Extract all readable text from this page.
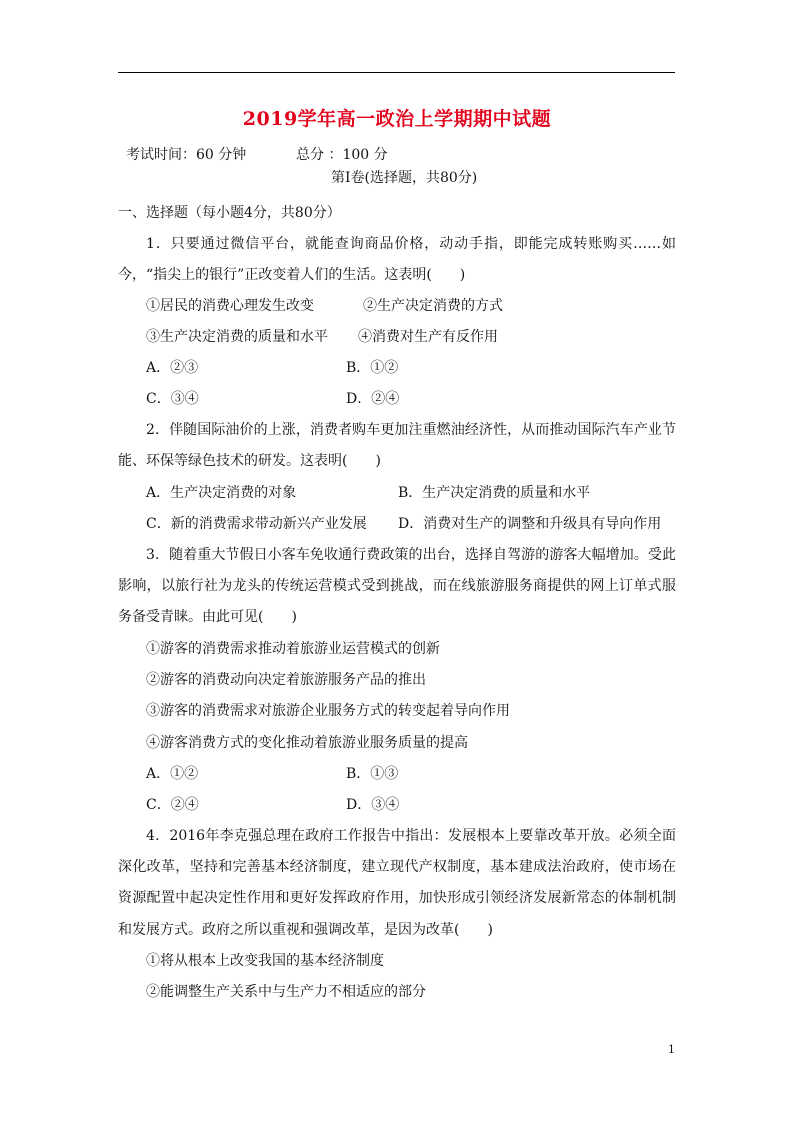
2019学年高一政治上学期期中试题
考试时间：60 分钟	总分 ：100 分
第Ⅰ卷(选择题，共80分)
一、选择题（每小题4分，共80分）
1．只要通过微信平台，就能查询商品价格，动动手指，即能完成转账购买……如今，“指尖上的银行”正改变着人们的生活。这表明(　　)
①居民的消费心理发生改变	②生产决定消费的方式
③生产决定消费的质量和水平 ④消费对生产有反作用
A．②③	B．①②
C．③④	D．②④
2．伴随国际油价的上涨，消费者购车更加注重燃油经济性，从而推动国际汽车产业节能、环保等绿色技术的研发。这表明(　　)
A．生产决定消费的对象	B．生产决定消费的质量和水平
C．新的消费需求带动新兴产业发展 D．消费对生产的调整和升级具有导向作用
3．随着重大节假日小客车免收通行费政策的出台，选择自驾游的游客大幅增加。受此影响，以旅行社为龙头的传统运营模式受到挑战，而在线旅游服务商提供的网上订单式服务备受青睐。由此可见(　　)
①游客的消费需求推动着旅游业运营模式的创新
②游客的消费动向决定着旅游服务产品的推出
③游客的消费需求对旅游企业服务方式的转变起着导向作用
④游客消费方式的变化推动着旅游业服务质量的提高
A．①②	B．①③
C．②④	D．③④
4．2016年李克强总理在政府工作报告中指出：发展根本上要靠改革开放。必须全面深化改革，坚持和完善基本经济制度，建立现代产权制度，基本建成法治政府，使市场在资源配置中起决定性作用和更好发挥政府作用，加快形成引领经济发展新常态的体制机制和发展方式。政府之所以重视和强调改革，是因为改革(　　)
①将从根本上改变我国的基本经济制度
②能调整生产关系中与生产力不相适应的部分
1
